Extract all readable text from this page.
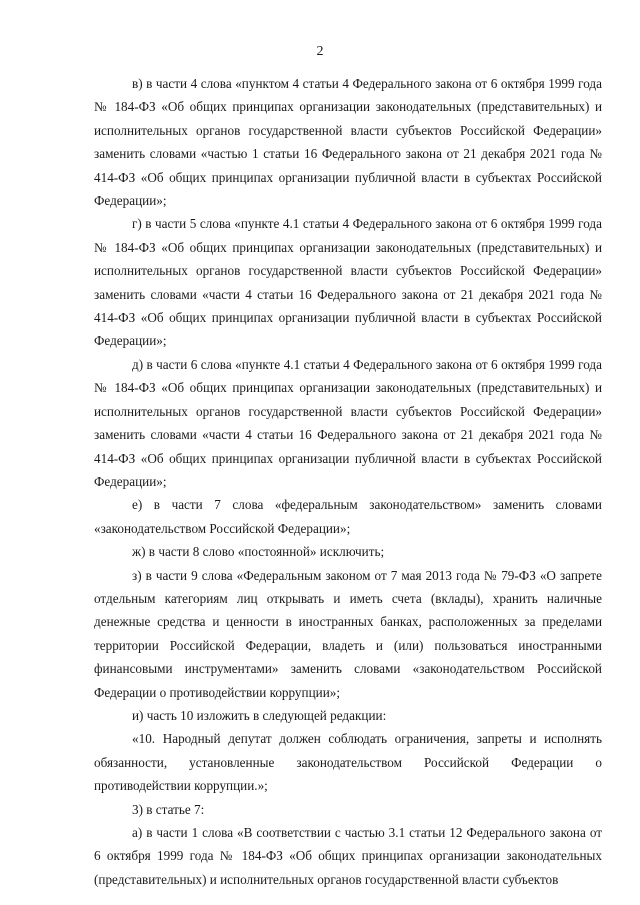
2

в) в части 4 слова «пунктом 4 статьи 4 Федерального закона от 6 октября 1999 года № 184-ФЗ «Об общих принципах организации законодательных (представительных) и исполнительных органов государственной власти субъектов Российской Федерации» заменить словами «частью 1 статьи 16 Федерального закона от 21 декабря 2021 года № 414-ФЗ «Об общих принципах организации публичной власти в субъектах Российской Федерации»;

г) в части 5 слова «пункте 4.1 статьи 4 Федерального закона от 6 октября 1999 года № 184-ФЗ «Об общих принципах организации законодательных (представительных) и исполнительных органов государственной власти субъектов Российской Федерации» заменить словами «части 4 статьи 16 Федерального закона от 21 декабря 2021 года № 414-ФЗ «Об общих принципах организации публичной власти в субъектах Российской Федерации»;

д) в части 6 слова «пункте 4.1 статьи 4 Федерального закона от 6 октября 1999 года № 184-ФЗ «Об общих принципах организации законодательных (представительных) и исполнительных органов государственной власти субъектов Российской Федерации» заменить словами «части 4 статьи 16 Федерального закона от 21 декабря 2021 года № 414-ФЗ «Об общих принципах организации публичной власти в субъектах Российской Федерации»;

е) в части 7 слова «федеральным законодательством» заменить словами «законодательством Российской Федерации»;

ж) в части 8 слово «постоянной» исключить;

з) в части 9 слова «Федеральным законом от 7 мая 2013 года № 79-ФЗ «О запрете отдельным категориям лиц открывать и иметь счета (вклады), хранить наличные денежные средства и ценности в иностранных банках, расположенных за пределами территории Российской Федерации, владеть и (или) пользоваться иностранными финансовыми инструментами» заменить словами «законодательством Российской Федерации о противодействии коррупции»;

и) часть 10 изложить в следующей редакции:

«10. Народный депутат должен соблюдать ограничения, запреты и исполнять обязанности, установленные законодательством Российской Федерации о противодействии коррупции.»;

3) в статье 7:

а) в части 1 слова «В соответствии с частью 3.1 статьи 12 Федерального закона от 6 октября 1999 года № 184-ФЗ «Об общих принципах организации законодательных (представительных) и исполнительных органов государственной власти субъектов
